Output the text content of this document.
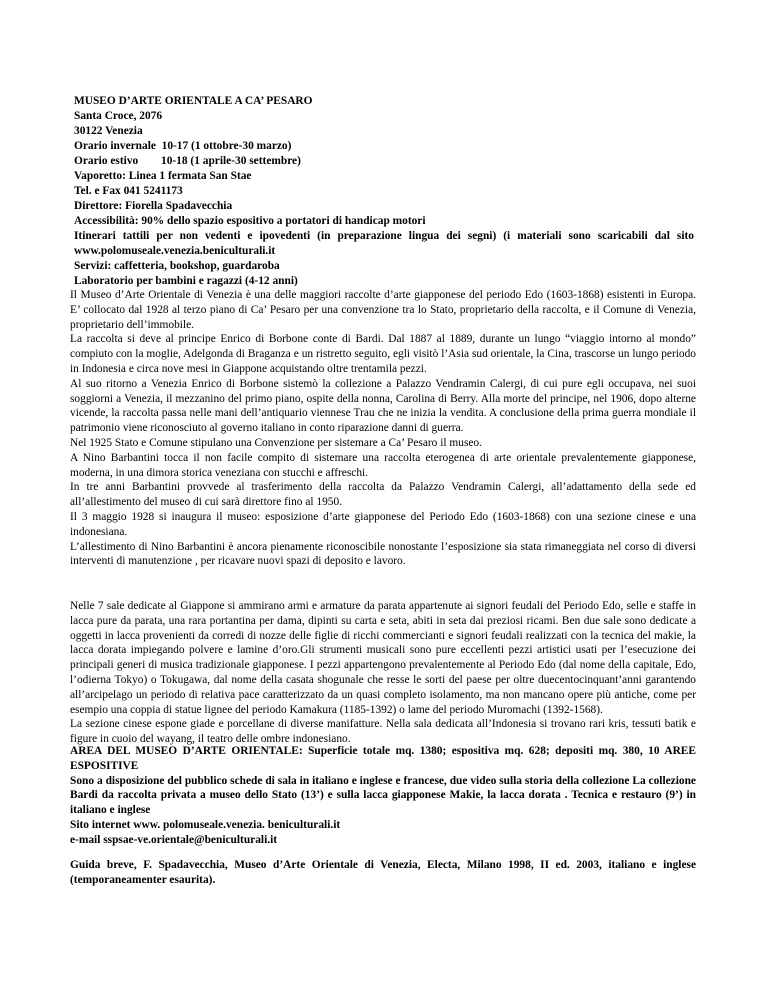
MUSEO D’ARTE ORIENTALE A CA’ PESARO
Santa Croce, 2076
30122 Venezia
Orario invernale  10-17 (1 ottobre-30 marzo)
Orario estivo        10-18 (1 aprile-30 settembre)
Vaporetto: Linea 1 fermata San Stae
Tel. e Fax 041 5241173
Direttore: Fiorella Spadavecchia
Accessibilità: 90% dello spazio espositivo a portatori di handicap motori
Itinerari tattili per non vedenti e ipovedenti (in preparazione lingua dei segni) (i materiali sono scaricabili dal sito www.polomuseale.venezia.beniculturali.it
Servizi: caffetteria, bookshop, guardaroba
Laboratorio per bambini e ragazzi (4-12 anni)

Il Museo d’Arte Orientale di Venezia è una delle maggiori raccolte d’arte giapponese del periodo Edo (1603-1868) esistenti in Europa. E’ collocato dal 1928 al terzo piano di Ca’ Pesaro per una convenzione tra lo Stato, proprietario della raccolta, e il Comune di Venezia, proprietario dell’immobile.

La raccolta si deve al principe Enrico di Borbone conte di Bardi. Dal 1887 al 1889, durante un lungo “viaggio intorno al mondo” compiuto con la moglie, Adelgonda di Braganza e un ristretto seguito, egli visitò l’Asia sud orientale, la Cina, trascorse un lungo periodo in Indonesia e circa nove mesi in Giappone acquistando oltre trentamila pezzi.

Al suo ritorno a Venezia Enrico di Borbone sistemò la collezione a Palazzo Vendramin Calergi, di cui pure egli occupava, nei suoi soggiorni a Venezia, il mezzanino del primo piano, ospite della nonna, Carolina di Berry. Alla morte del principe, nel 1906, dopo alterne vicende, la raccolta passa nelle mani dell’antiquario viennese Trau che ne inizia la vendita. A conclusione della prima guerra mondiale il patrimonio viene riconosciuto al governo italiano in conto riparazione danni di guerra.

Nel 1925 Stato e Comune stipulano una Convenzione per sistemare a Ca’ Pesaro il museo.

A Nino Barbantini tocca il non facile compito di sistemare una raccolta eterogenea di arte orientale prevalentemente giapponese, moderna, in una dimora storica veneziana con stucchi e affreschi.

In tre anni Barbantini provvede al trasferimento della raccolta da Palazzo Vendramin Calergi, all’adattamento della sede ed all’allestimento del museo di cui sarà direttore fino al 1950.

Il 3 maggio 1928 si inaugura il museo: esposizione d’arte giapponese del Periodo Edo (1603-1868) con una sezione cinese e una indonesiana.

L’allestimento di Nino Barbantini è ancora pienamente riconoscibile nonostante l’esposizione sia stata rimaneggiata nel corso di diversi interventi di manutenzione , per ricavare nuovi spazi di deposito e lavoro.

Nelle 7 sale dedicate al Giappone si ammirano armi e armature da parata appartenute ai signori feudali del Periodo Edo, selle e staffe in lacca pure da parata, una rara portantina per dama, dipinti su carta e seta, abiti in seta dai preziosi ricami. Ben due sale sono dedicate a oggetti in lacca provenienti da corredi di nozze delle figlie di ricchi commercianti e signori feudali realizzati con la tecnica del makie, la lacca dorata impiegando polvere e lamine d’oro.Gli strumenti musicali sono pure eccellenti pezzi artistici usati per l’esecuzione dei principali generi di musica tradizionale giapponese. I pezzi appartengono prevalentemente al Periodo Edo (dal nome della capitale, Edo, l’odierna Tokyo) o Tokugawa, dal nome della casata shogunale che resse le sorti del paese per oltre duecentocinquant’anni garantendo all’arcipelago un periodo di relativa pace caratterizzato da un quasi completo isolamento, ma non mancano opere più antiche, come per esempio una coppia di statue lignee del periodo Kamakura (1185-1392) o lame del periodo Muromachi (1392-1568).

La sezione cinese espone giade e porcellane di diverse manifatture. Nella sala dedicata all’Indonesia si trovano rari kris, tessuti batik e figure in cuoio del wayang, il teatro delle ombre indonesiano.

AREA DEL MUSEO D’ARTE ORIENTALE: Superficie totale mq. 1380; espositiva mq. 628; depositi mq. 380, 10 AREE ESPOSITIVE

Sono a disposizione del pubblico schede di sala in italiano e inglese e francese, due video sulla storia della collezione La collezione Bardi da raccolta privata a museo dello Stato (13’) e sulla lacca giapponese Makie, la lacca dorata . Tecnica e restauro (9’) in italiano e inglese

Sito internet www. polomuseale.venezia. beniculturali.it

e-mail sspsae-ve.orientale@beniculturali.it

Guida breve, F. Spadavecchia, Museo d’Arte Orientale di Venezia, Electa, Milano 1998, II ed. 2003, italiano e inglese (temporaneamenter esaurita).
